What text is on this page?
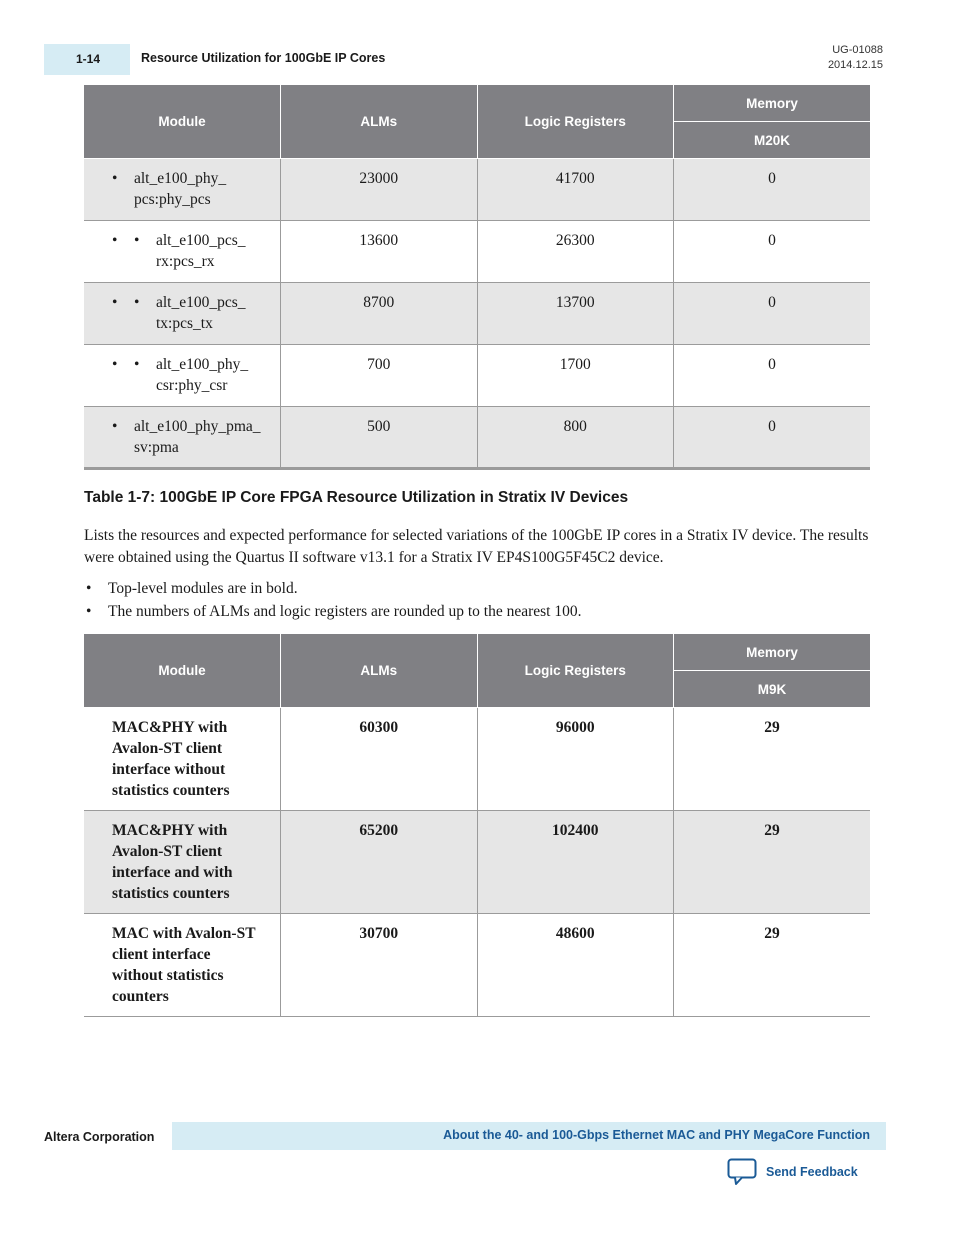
1-14	Resource Utilization for 100GbE IP Cores
UG-01088
2014.12.15
Module	ALMs	Logic Registers	Memory
			M20K

• alt_e100_phy_
pcs:phy_pcs	23000	41700	0

• • alt_e100_pcs_
rx:pcs_rx	13600	26300	0

• • alt_e100_pcs_
tx:pcs_tx	8700	13700	0

• • alt_e100_phy_
csr:phy_csr	700	1700	0

• alt_e100_phy_pma_
sv:pma	500	800	0
Table 1-7: 100GbE IP Core FPGA Resource Utilization in Stratix IV Devices

Lists the resources and expected performance for selected variations of the 100GbE IP cores in a Stratix IV device. The results were obtained using the Quartus II software v13.1 for a Stratix IV EP4S100G5F45C2 device.

•	Top-level modules are in bold.
•	The numbers of ALMs and logic registers are rounded up to the nearest 100.
Module	ALMs	Logic Registers	Memory
			M9K
MAC&PHY with
Avalon-ST client
interface without
statistics counters	60300	96000	29
MAC&PHY with
Avalon-ST client
interface and with
statistics counters	65200	102400	29
MAC with Avalon-ST
client interface
without statistics
counters	30700	48600	29
Altera Corporation	About the 40- and 100-Gbps Ethernet MAC and PHY MegaCore Function
Send Feedback
